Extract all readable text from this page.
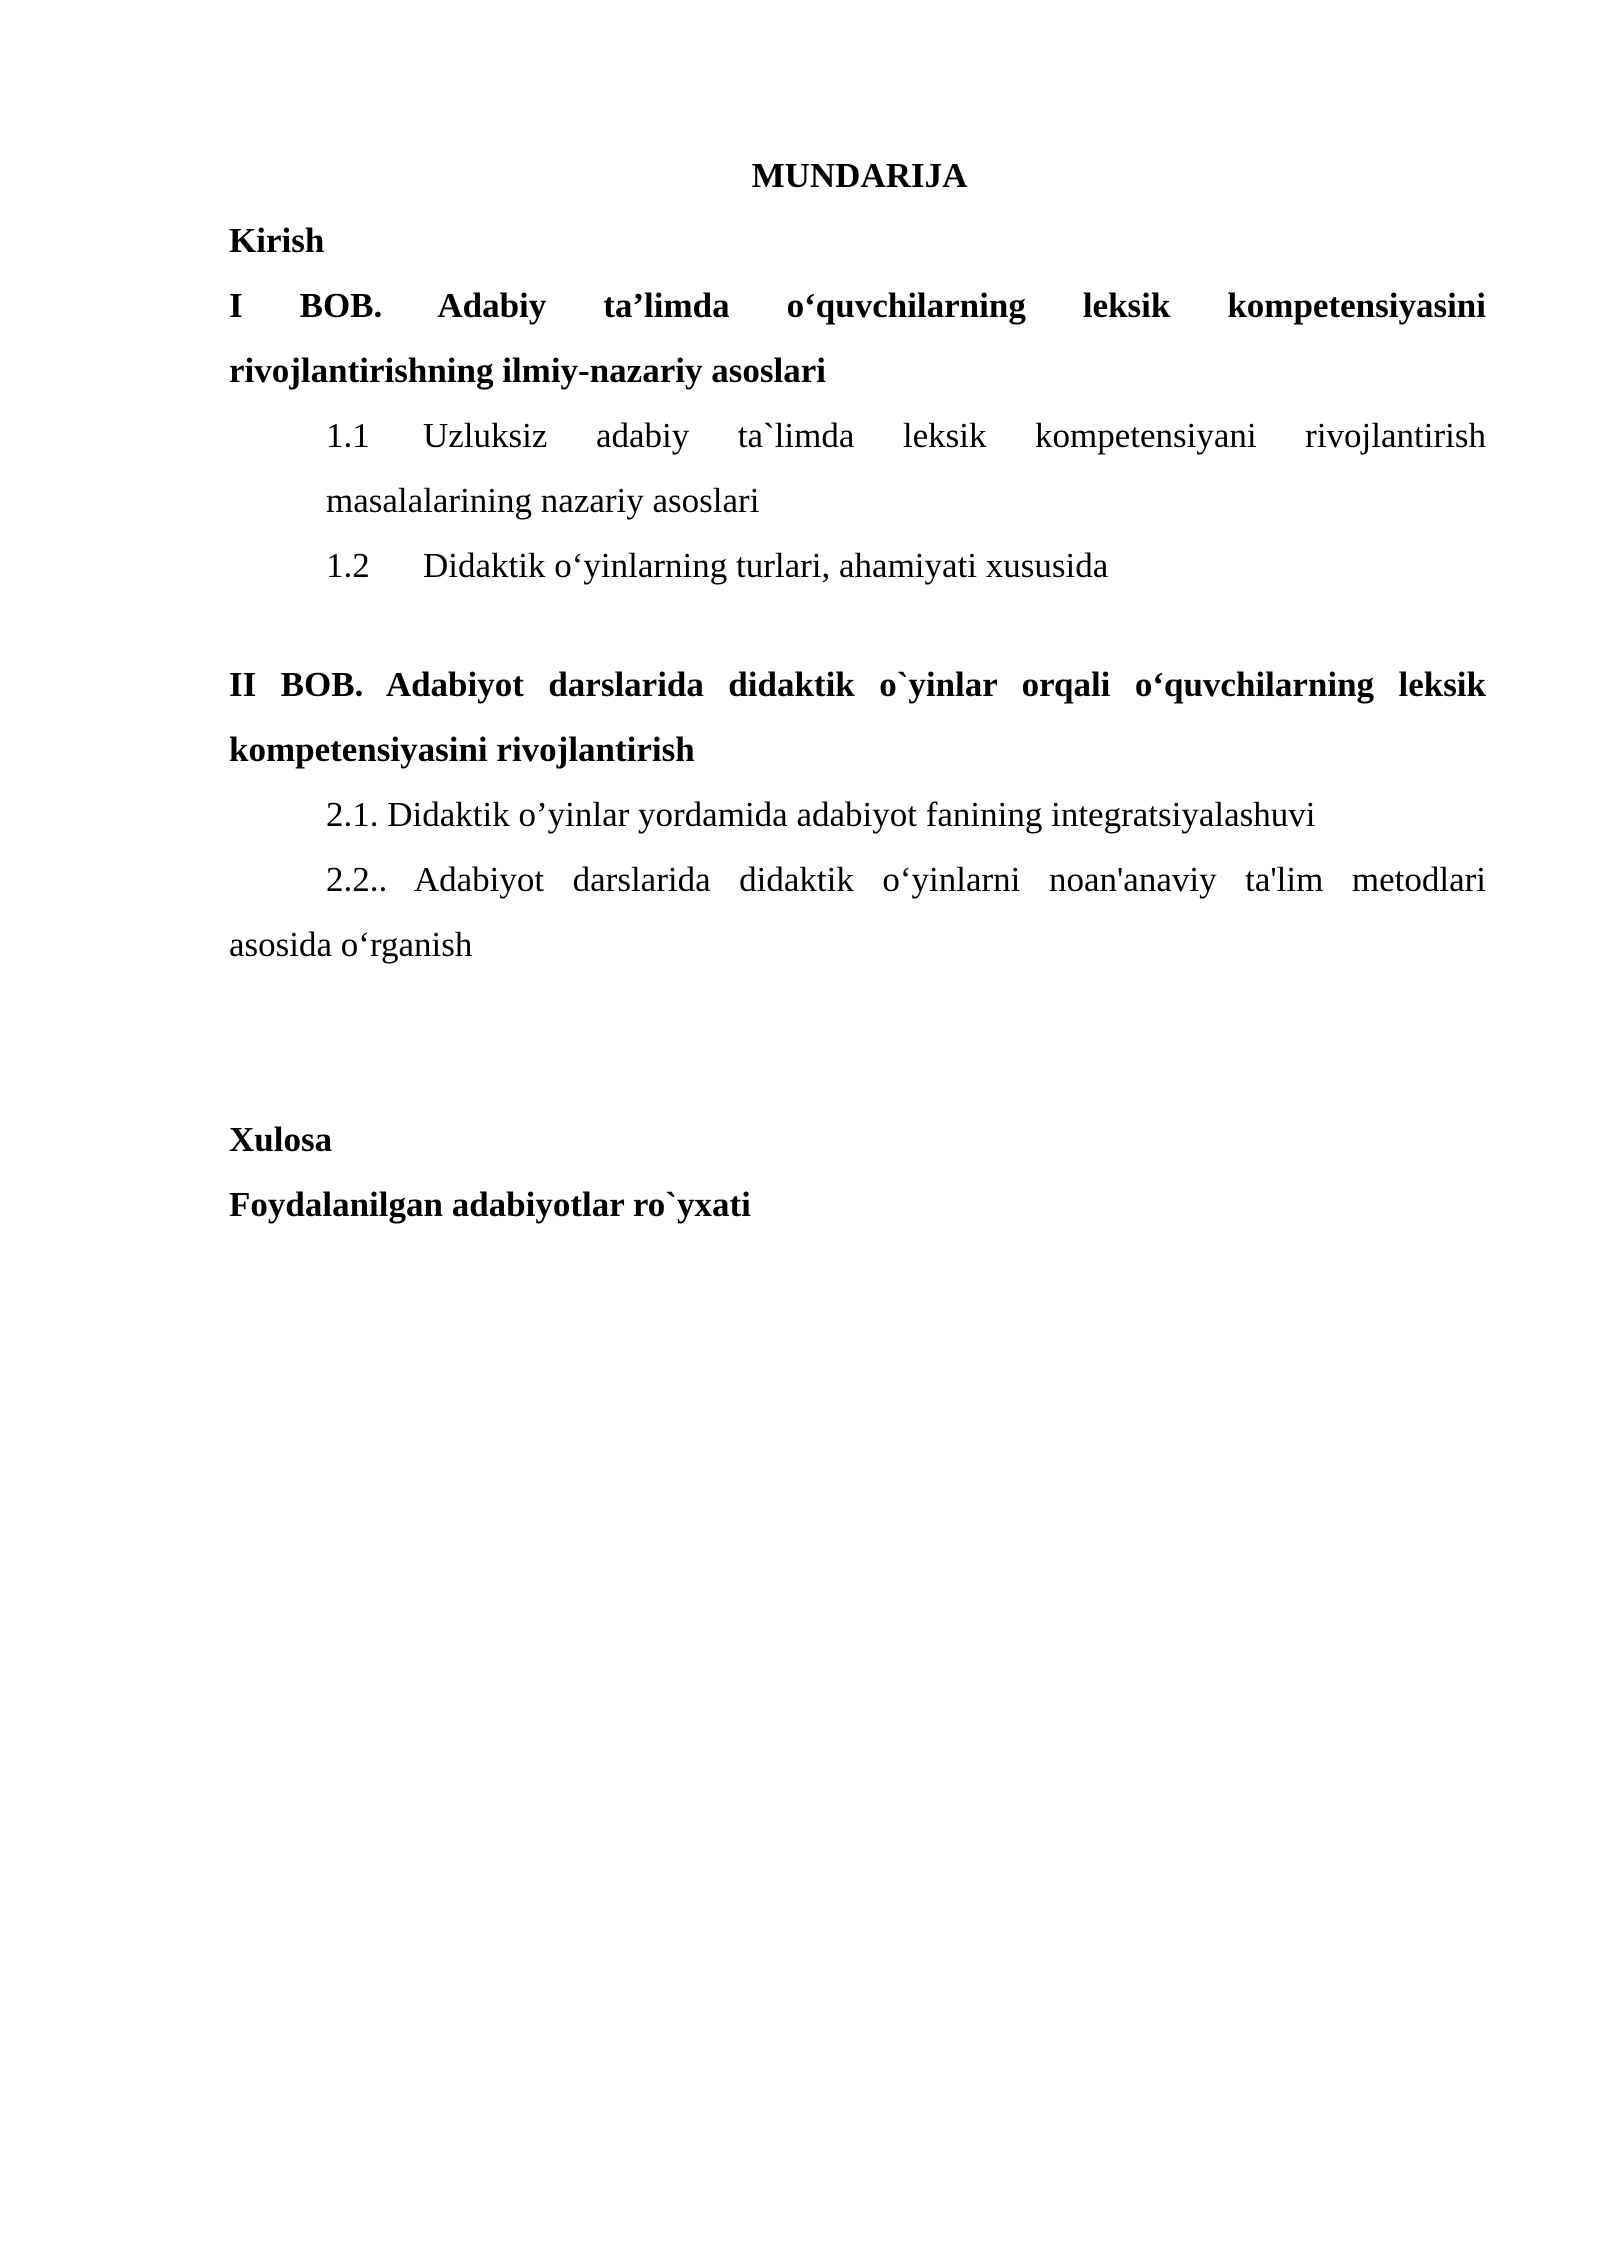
MUNDARIJA

Kirish

I BOB. Adabiy ta’limda o‘quvchilarning leksik kompetensiyasini
rivojlantirishning ilmiy-nazariy asoslari
1.1 Uzluksiz adabiy ta`limda leksik kompetensiyani rivojlantirish
masalalarining nazariy asoslari
1.2 Didaktik o‘yinlarning turlari, ahamiyati xususida
II BOB. Adabiyot darslarida didaktik o`yinlar orqali o‘quvchilarning leksik
kompetensiyasini rivojlantirish

2.1. Didaktik o’yinlar yordamida adabiyot fanining integratsiyalashuvi

2.2.. Adabiyot darslarida didaktik o‘yinlarni noan'anaviy ta'lim metodlari
asosida o‘rganish

Xulosa

Foydalanilgan adabiyotlar ro`yxati
